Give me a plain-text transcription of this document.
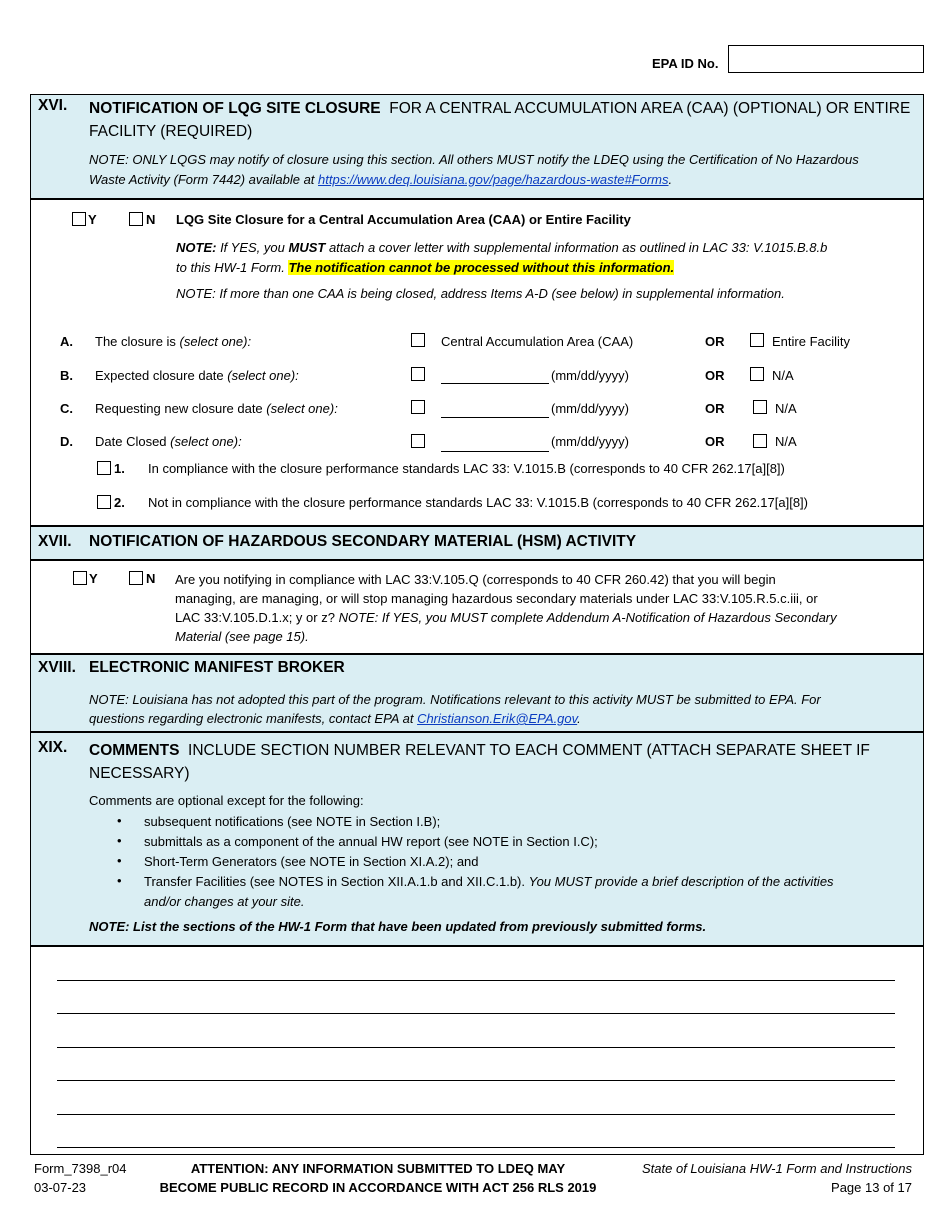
EPA ID No.
XVI. NOTIFICATION OF LQG SITE CLOSURE FOR A CENTRAL ACCUMULATION AREA (CAA) (OPTIONAL) OR ENTIRE
FACILITY (REQUIRED)
NOTE: ONLY LQGS may notify of closure using this section. All others MUST notify the LDEQ using the Certification of No Hazardous
Waste Activity (Form 7442) available at https://www.deq.louisiana.gov/page/hazardous-waste#Forms.
Y	N LQG Site Closure for a Central Accumulation Area (CAA) or Entire Facility
NOTE: If YES, you MUST attach a cover letter with supplemental information as outlined in LAC 33: V.1015.B.8.b
to this HW-1 Form. The notification cannot be processed without this information.
NOTE: If more than one CAA is being closed, address Items A-D (see below) in supplemental information.
A. The closure is (select one):	Central Accumulation Area (CAA)	OR	Entire Facility
B. Expected closure date (select one):	(mm/dd/yyyy)	OR	N/A
C. Requesting new closure date (select one):	(mm/dd/yyyy)	OR	N/A
D. Date Closed (select one):	(mm/dd/yyyy)	OR	N/A
1. In compliance with the closure performance standards LAC 33: V.1015.B (corresponds to 40 CFR 262.17[a][8])
2. Not in compliance with the closure performance standards LAC 33: V.1015.B (corresponds to 40 CFR 262.17[a][8])
XVII. NOTIFICATION OF HAZARDOUS SECONDARY MATERIAL (HSM) ACTIVITY
Y	N Are you notifying in compliance with LAC 33:V.105.Q (corresponds to 40 CFR 260.42) that you will begin
managing, are managing, or will stop managing hazardous secondary materials under LAC 33:V.105.R.5.c.iii, or
LAC 33:V.105.D.1.x; y or z? NOTE: If YES, you MUST complete Addendum A-Notification of Hazardous Secondary
Material (see page 15).
XVIII. ELECTRONIC MANIFEST BROKER
NOTE: Louisiana has not adopted this part of the program. Notifications relevant to this activity MUST be submitted to EPA. For
questions regarding electronic manifests, contact EPA at Christianson.Erik@EPA.gov.
XIX. COMMENTS INCLUDE SECTION NUMBER RELEVANT TO EACH COMMENT (ATTACH SEPARATE SHEET IF
NECESSARY)
Comments are optional except for the following:
• subsequent notifications (see NOTE in Section I.B);
• submittals as a component of the annual HW report (see NOTE in Section I.C);
• Short-Term Generators (see NOTE in Section XI.A.2); and
• Transfer Facilities (see NOTES in Section XII.A.1.b and XII.C.1.b). You MUST provide a brief description of the activities
and/or changes at your site.
NOTE: List the sections of the HW-1 Form that have been updated from previously submitted forms.
Form_7398_r04
03-07-23
ATTENTION: ANY INFORMATION SUBMITTED TO LDEQ MAY
BECOME PUBLIC RECORD IN ACCORDANCE WITH ACT 256 RLS 2019
State of Louisiana HW-1 Form and Instructions
Page 13 of 17
